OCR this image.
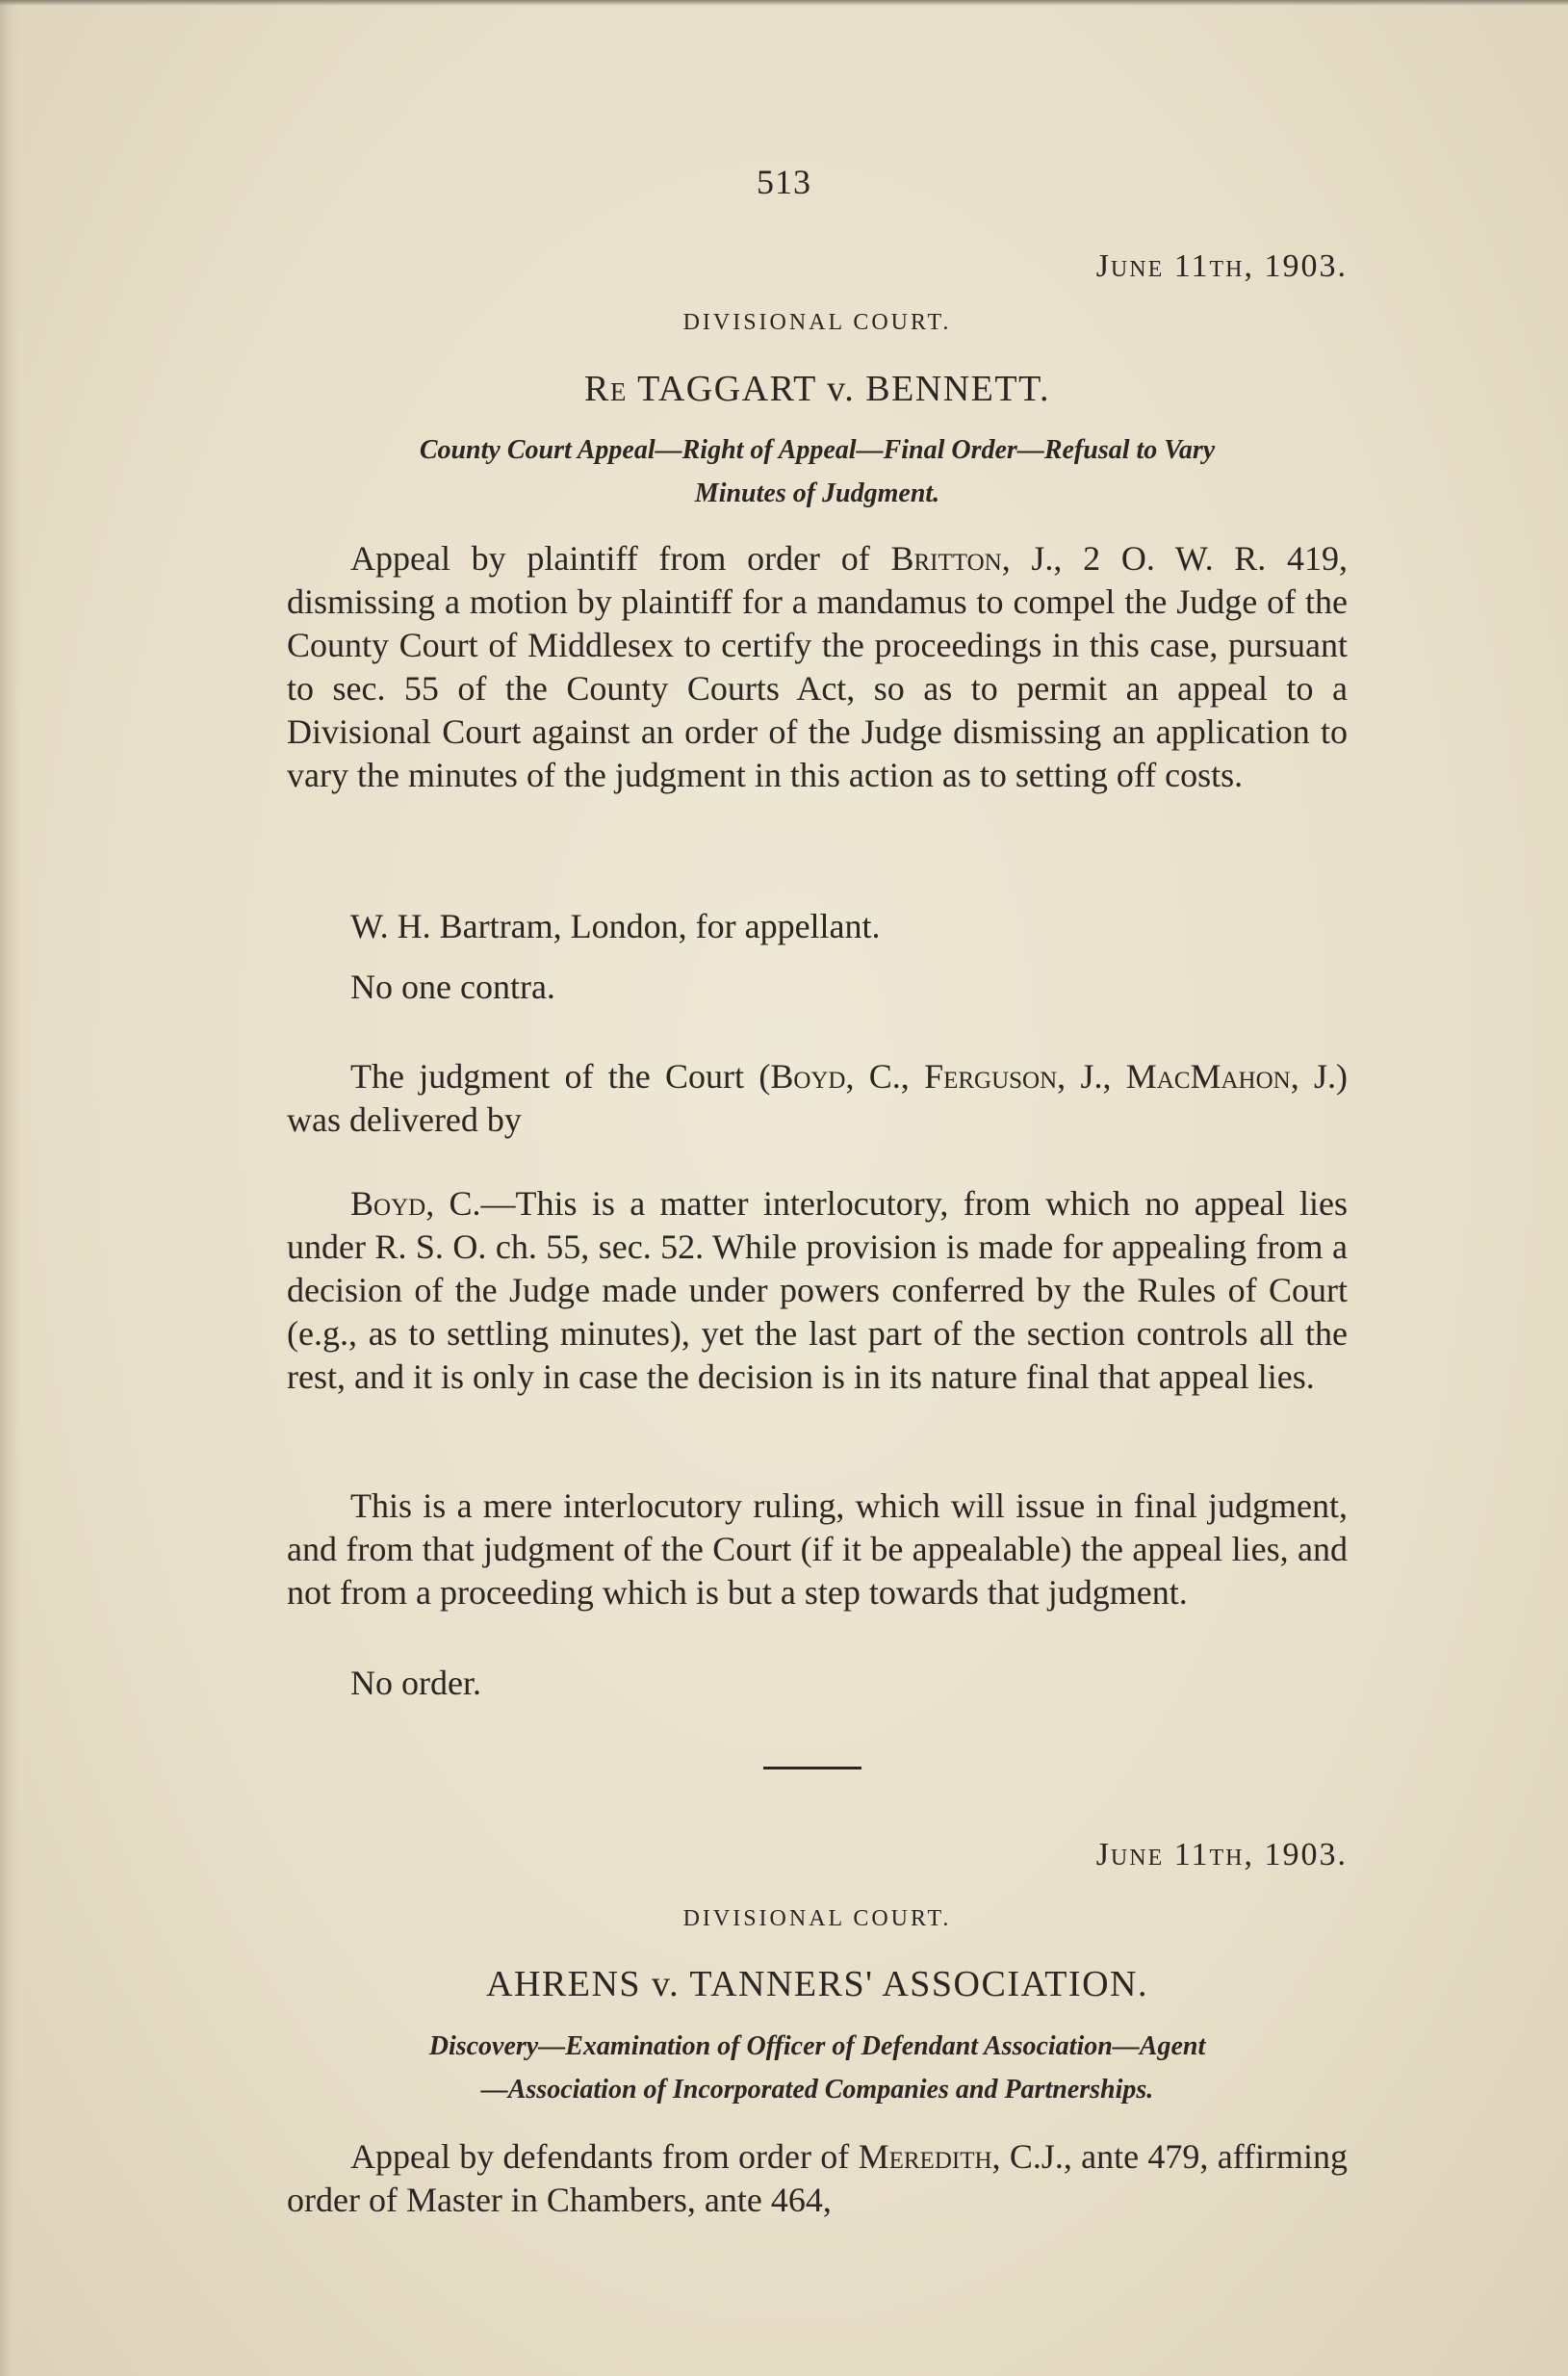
513
June 11th, 1903.
DIVISIONAL COURT.
Re TAGGART v. BENNETT.
County Court Appeal—Right of Appeal—Final Order—Refusal to Vary
Minutes of Judgment.

Appeal by plaintiff from order of Britton, J., 2 O. W. R. 419, dismissing a motion by plaintiff for a mandamus to compel the Judge of the County Court of Middlesex to certify the proceedings in this case, pursuant to sec. 55 of the County Courts Act, so as to permit an appeal to a Divisional Court against an order of the Judge dismissing an application to vary the minutes of the judgment in this action as to setting off costs.

W. H. Bartram, London, for appellant.

No one contra.

The judgment of the Court (Boyd, C., Ferguson, J., MacMahon, J.) was delivered by

Boyd, C.—This is a matter interlocutory, from which no appeal lies under R. S. O. ch. 55, sec. 52. While provision is made for appealing from a decision of the Judge made under powers conferred by the Rules of Court (e.g., as to settling minutes), yet the last part of the section controls all the rest, and it is only in case the decision is in its nature final that appeal lies.

This is a mere interlocutory ruling, which will issue in final judgment, and from that judgment of the Court (if it be appealable) the appeal lies, and not from a proceeding which is but a step towards that judgment.

No order.

June 11th, 1903.
DIVISIONAL COURT.
AHRENS v. TANNERS' ASSOCIATION.
Discovery—Examination of Officer of Defendant Association—Agent
—Association of Incorporated Companies and Partnerships.

Appeal by defendants from order of Meredith, C.J., ante 479, affirming order of Master in Chambers, ante 464,
